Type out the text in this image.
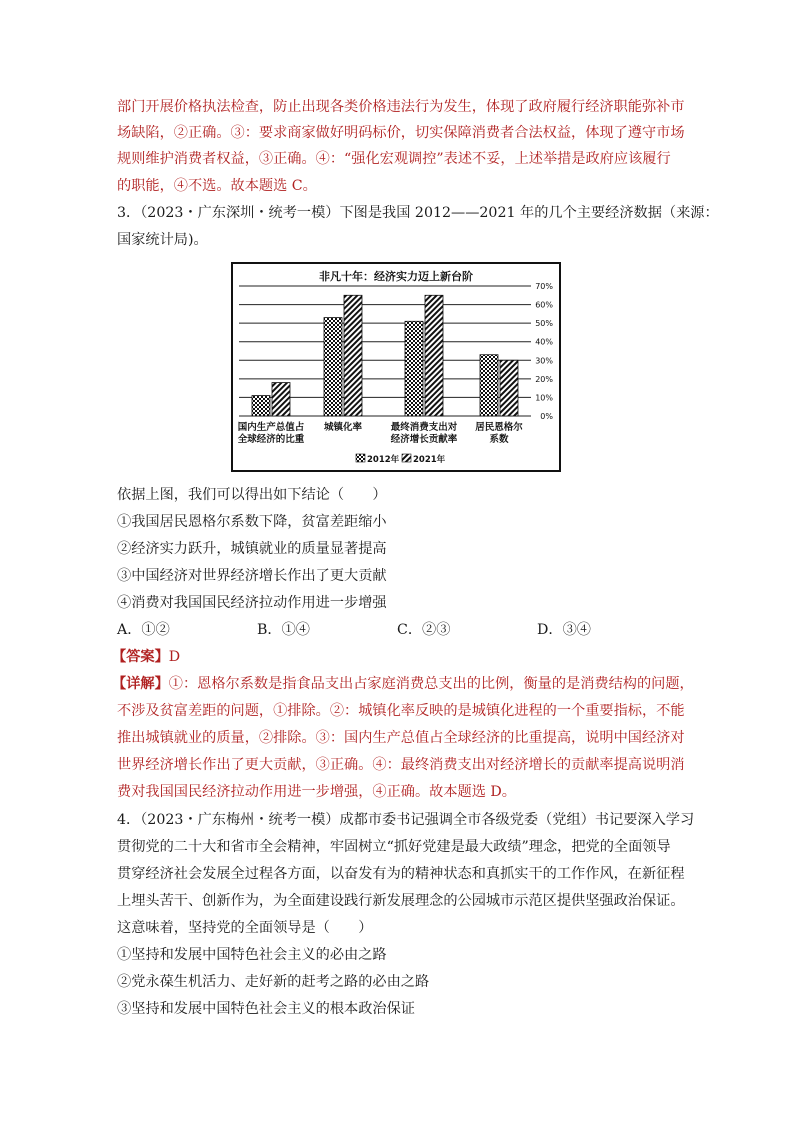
部门开展价格执法检查，防止出现各类价格违法行为发生，体现了政府履行经济职能弥补市
场缺陷，②正确。③：要求商家做好明码标价，切实保障消费者合法权益，体现了遵守市场
规则维护消费者权益，③正确。④：“强化宏观调控”表述不妥，上述举措是政府应该履行
的职能，④不选。故本题选 C。
3．（2023・广东深圳・统考一模）下图是我国 2012——2021 年的几个主要经济数据（来源：
国家统计局)。
非凡十年：经济实力迈上新台阶
0%
10%
20%
30%
40%
50%
60%
70%
国内生产总值占
全球经济的比重
城镇化率	最终消费支出对
经济增长贡献率
居民恩格尔
系数
2012年 2021年
依据上图，我们可以得出如下结论（　　）
①我国居民恩格尔系数下降，贫富差距缩小
②经济实力跃升，城镇就业的质量显著提高
③中国经济对世界经济增长作出了更大贡献
④消费对我国国民经济拉动作用进一步增强
A．①②	B．①④	C．②③	D．③④
【答案】D
【详解】①：恩格尔系数是指食品支出占家庭消费总支出的比例，衡量的是消费结构的问题，
不涉及贫富差距的问题，①排除。②：城镇化率反映的是城镇化进程的一个重要指标，不能
推出城镇就业的质量，②排除。③：国内生产总值占全球经济的比重提高，说明中国经济对
世界经济增长作出了更大贡献，③正确。④：最终消费支出对经济增长的贡献率提高说明消
费对我国国民经济拉动作用进一步增强，④正确。故本题选 D。
4．（2023・广东梅州・统考一模）成都市委书记强调全市各级党委（党组）书记要深入学习
贯彻党的二十大和省市全会精神，牢固树立“抓好党建是最大政绩”理念，把党的全面领导
贯穿经济社会发展全过程各方面，以奋发有为的精神状态和真抓实干的工作作风，在新征程
上埋头苦干、创新作为，为全面建设践行新发展理念的公园城市示范区提供坚强政治保证。
这意味着，坚持党的全面领导是（　　）
①坚持和发展中国特色社会主义的必由之路
②党永葆生机活力、走好新的赶考之路的必由之路
③坚持和发展中国特色社会主义的根本政治保证
